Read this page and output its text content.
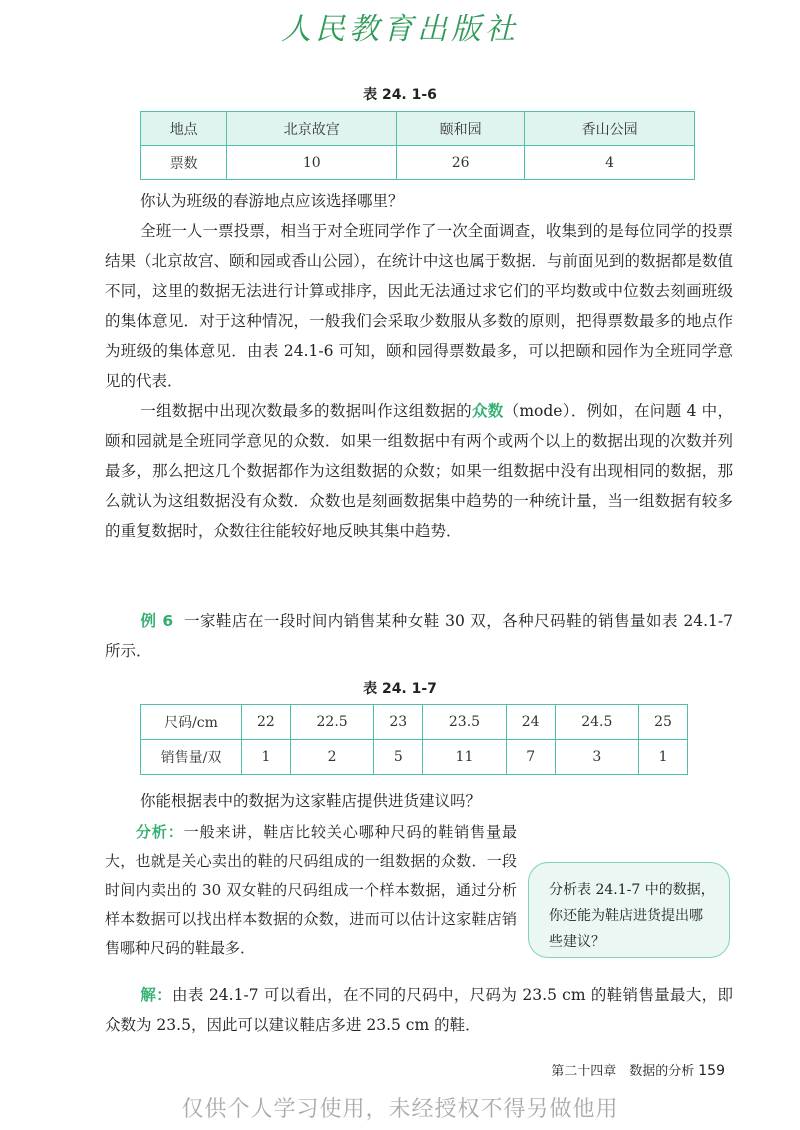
人民教育出版社
表 24. 1-6
地点	北京故宫	颐和园	香山公园
票数	10	26	4
你认为班级的春游地点应该选择哪里？
全班一人一票投票，相当于对全班同学作了一次全面调查，收集到的是每位同学的投票结果（北京故宫、颐和园或香山公园），在统计中这也属于数据．与前面见到的数据都是数值不同，这里的数据无法进行计算或排序，因此无法通过求它们的平均数或中位数去刻画班级的集体意见．对于这种情况，一般我们会采取少数服从多数的原则，把得票数最多的地点作为班级的集体意见．由表 24.1-6 可知，颐和园得票数最多，可以把颐和园作为全班同学意见的代表．
一组数据中出现次数最多的数据叫作这组数据的众数（mode）．例如，在问题 4 中，颐和园就是全班同学意见的众数．如果一组数据中有两个或两个以上的数据出现的次数并列最多，那么把这几个数据都作为这组数据的众数；如果一组数据中没有出现相同的数据，那么就认为这组数据没有众数．众数也是刻画数据集中趋势的一种统计量，当一组数据有较多的重复数据时，众数往往能较好地反映其集中趋势．
例 6 一家鞋店在一段时间内销售某种女鞋 30 双，各种尺码鞋的销售量如表 24.1-7 所示．
表 24. 1-7
尺码/cm	22	22.5	23	23.5	24	24.5	25
销售量/双	1	2	5	11	7	3	1
你能根据表中的数据为这家鞋店提供进货建议吗？
分析：一般来讲，鞋店比较关心哪种尺码的鞋销售量最大，也就是关心卖出的鞋的尺码组成的一组数据的众数．一段时间内卖出的 30 双女鞋的尺码组成一个样本数据，通过分析样本数据可以找出样本数据的众数，进而可以估计这家鞋店销售哪种尺码的鞋最多．
分析表 24.1-7 中的数据，你还能为鞋店进货提出哪些建议？
解：由表 24.1-7 可以看出，在不同的尺码中，尺码为 23.5 cm 的鞋销售量最大，即众数为 23.5，因此可以建议鞋店多进 23.5 cm 的鞋．
第二十四章　数据的分析 159
仅供个人学习使用，未经授权不得另做他用
